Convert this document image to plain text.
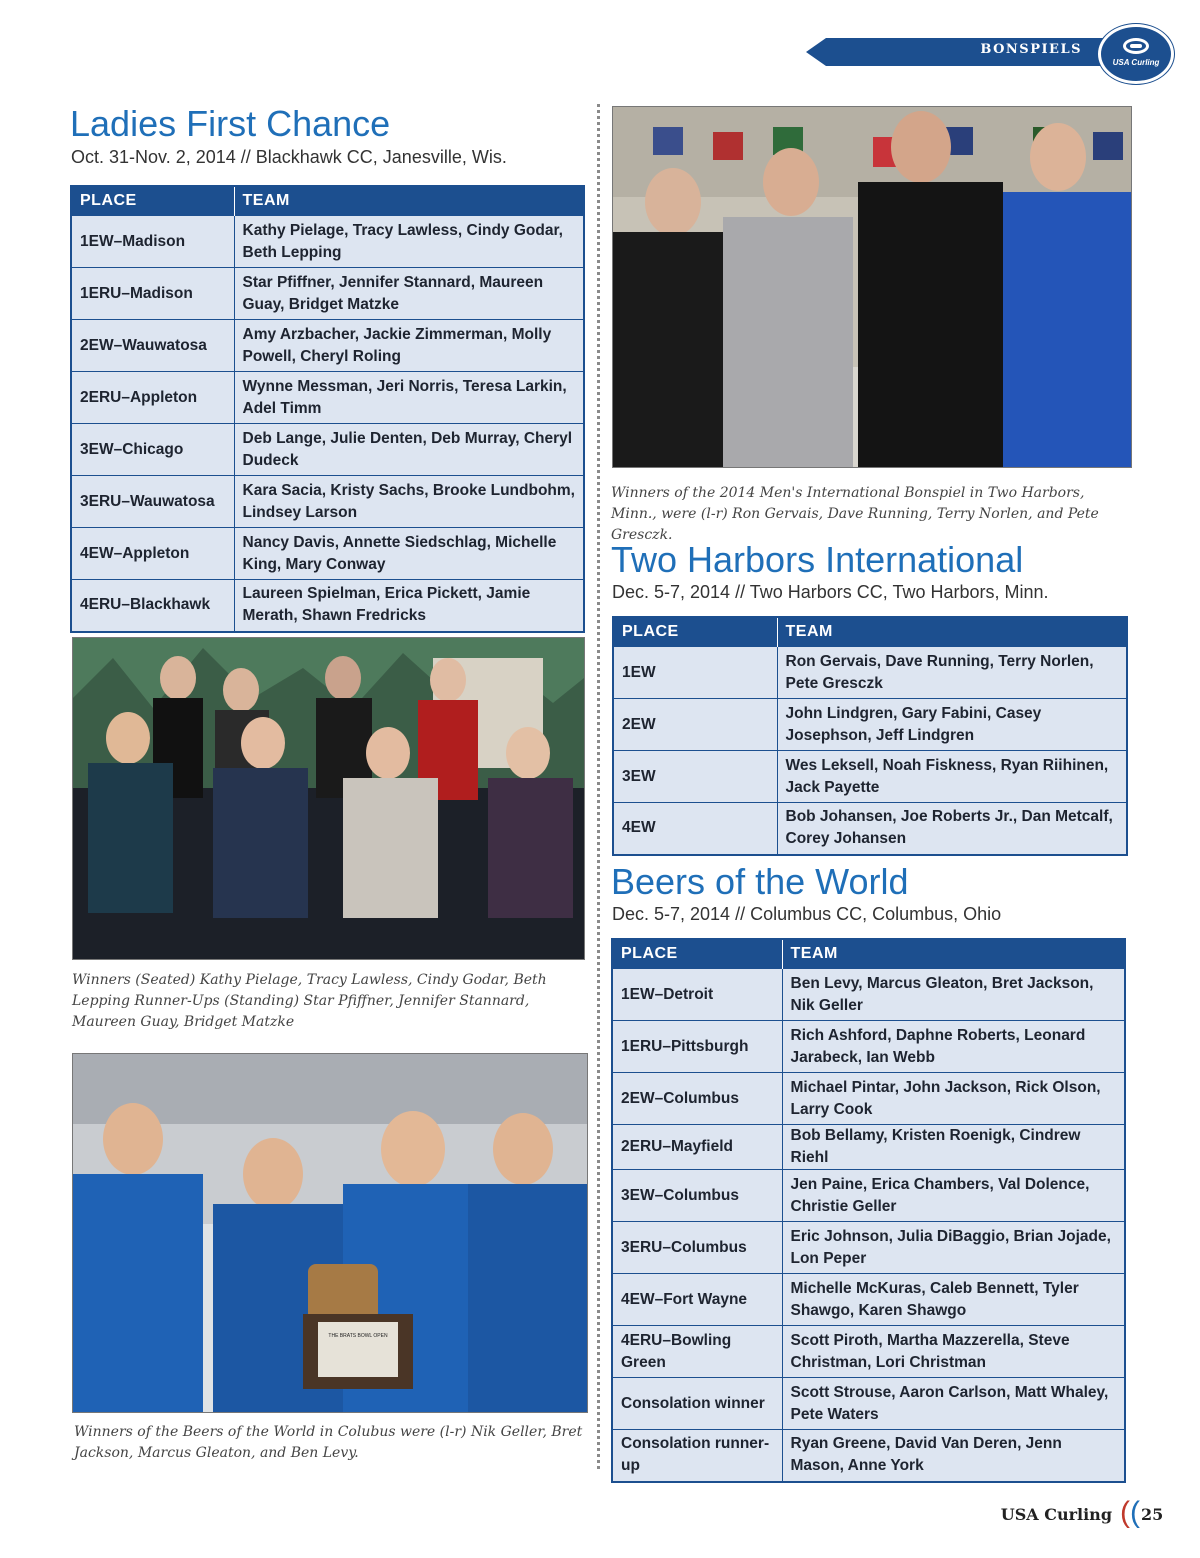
BONSPIELS
USA Curling
Ladies First Chance

Oct. 31-Nov. 2, 2014 // Blackhawk CC, Janesville, Wis.

PLACE	TEAM
1EW–Madison	Kathy Pielage, Tracy Lawless, Cindy Godar, Beth Lepping
1ERU–Madison	Star Pfiffner, Jennifer Stannard, Maureen Guay, Bridget Matzke
2EW–Wauwatosa	Amy Arzbacher, Jackie Zimmerman, Molly Powell, Cheryl Roling
2ERU–Appleton	Wynne Messman, Jeri Norris, Teresa Larkin, Adel Timm
3EW–Chicago	Deb Lange, Julie Denten, Deb Murray, Cheryl Dudeck
3ERU–Wauwatosa	Kara Sacia, Kristy Sachs, Brooke Lundbohm, Lindsey Larson
4EW–Appleton	Nancy Davis, Annette Siedschlag, Michelle King, Mary Conway
4ERU–Blackhawk	Laureen Spielman, Erica Pickett, Jamie Merath, Shawn Fredricks

Winners (Seated) Kathy Pielage, Tracy Lawless, Cindy Godar, Beth Lepping Runner-Ups (Standing) Star Pfiffner, Jennifer Stannard, Maureen Guay, Bridget Matzke

THE BRATS BOWL OPEN

Winners of the Beers of the World in Colubus were (l-r) Nik Geller, Bret Jackson, Marcus Gleaton, and Ben Levy.

Winners of the 2014 Men's International Bonspiel in Two Harbors, Minn., were (l-r) Ron Gervais, Dave Running, Terry Norlen, and Pete Gresczk.

Two Harbors International

Dec. 5-7, 2014 // Two Harbors CC, Two Harbors, Minn.

PLACE	TEAM
1EW	Ron Gervais, Dave Running, Terry Norlen, Pete Gresczk
2EW	John Lindgren, Gary Fabini, Casey Josephson, Jeff Lindgren
3EW	Wes Leksell, Noah Fiskness, Ryan Riihinen, Jack Payette
4EW	Bob Johansen, Joe Roberts Jr., Dan Metcalf, Corey Johansen
Beers of the World

Dec. 5-7, 2014 // Columbus CC, Columbus, Ohio

PLACE	TEAM
1EW–Detroit	Ben Levy, Marcus Gleaton, Bret Jackson, Nik Geller
1ERU–Pittsburgh	Rich Ashford, Daphne Roberts, Leonard Jarabeck, Ian Webb
2EW–Columbus	Michael Pintar, John Jackson, Rick Olson, Larry Cook
2ERU–Mayfield	Bob Bellamy, Kristen Roenigk, Cindrew Riehl
3EW–Columbus	Jen Paine, Erica Chambers, Val Dolence, Christie Geller
3ERU–Columbus	Eric Johnson, Julia DiBaggio, Brian Jojade, Lon Peper
4EW–Fort Wayne	Michelle McKuras, Caleb Bennett, Tyler Shawgo, Karen Shawgo
4ERU–Bowling Green	Scott Piroth, Martha Mazzerella, Steve Christman, Lori Christman
Consolation winner	Scott Strouse, Aaron Carlson, Matt Whaley, Pete Waters
Consolation runner-up	Ryan Greene, David Van Deren, Jenn Mason, Anne York
USA Curling (( 25
